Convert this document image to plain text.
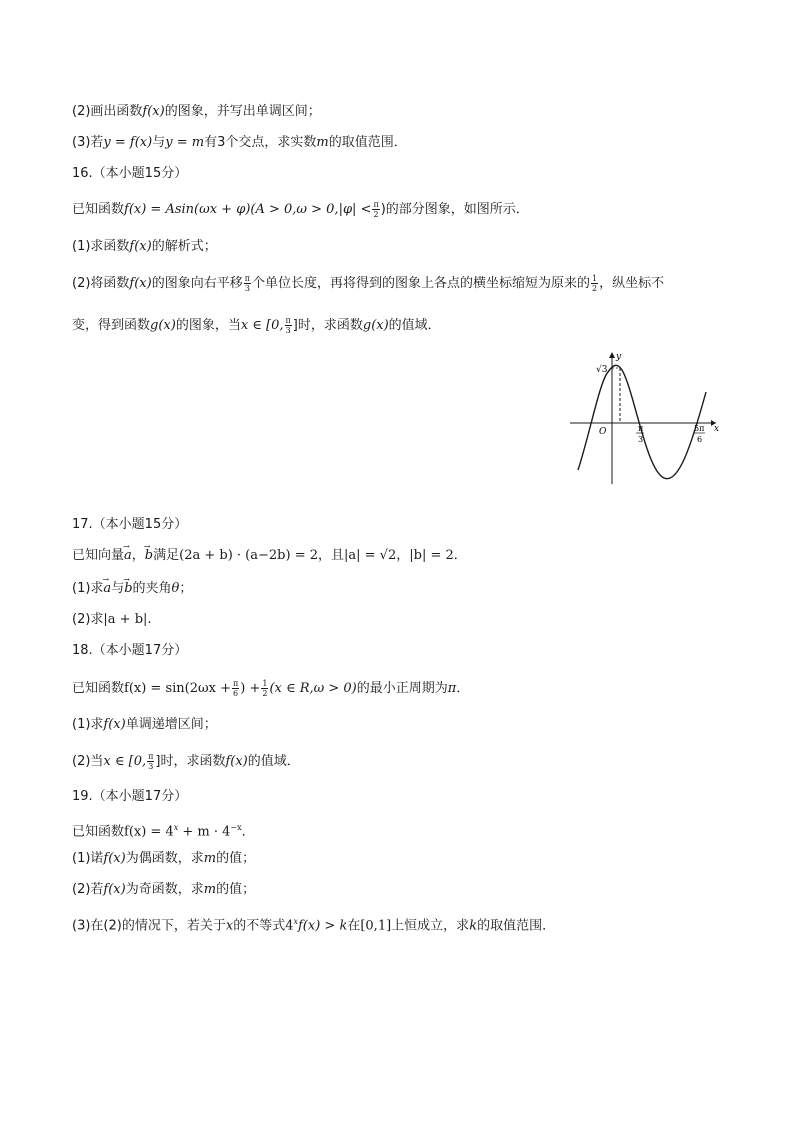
(2)画出函数f(x)的图象，并写出单调区间；
(3)若y = f(x)与y = m有3个交点，求实数m的取值范围．
16.（本小题15分）
已知函数$f(x) = Asin(\omega x + \varphi)(A > 0,\omega > 0,|\varphi| < \frac{\pi}{2}$ )的部分图象，如图所示．
(1)求函数f(x)的解析式；
(2)将函数f(x)的图象向右平移 $\frac{\pi}{3}$ 个单位长度，再将得到的图象上各点的横坐标缩短为原来的 $\frac{1}{2}$ ，纵坐标不
变，得到函数g(x)的图象，当x ∈ [0, $\frac{\pi}{3}$ ]时，求函数g(x)的值域．
y
x
O
√3
π
3
5π
6
17.（本小题15分）
已知向量→ a，→ b满足(2a + b) · (a−2b) = 2，且|a| = √2，|b| = 2．
(1)求→ a与→ b的夹角θ；
(2)求|a + b|.
18.（本小题17分）
已知函数$f(x) = \sin(2\omega x + \frac{\pi}{6}$ ) + $\frac{1}{2} (x$ ∈ R,ω > 0)的最小正周期为π．
(1)求f(x)单调递增区间；
(2)当x ∈ [0, $\frac{\pi}{3}$ ]时，求函数f(x)的值域．
19.（本小题17分）
已知函数$f(x) = 4^x + m \cdot 4^{-x}$．
(1)诺f(x)为偶函数，求m的值；
(2)若f(x)为奇函数，求m的值；
(3)在(2)的情况下，若关于x的不等式$4^xf(x) > k$在[0,1]上恒成立，求k的取值范围．
